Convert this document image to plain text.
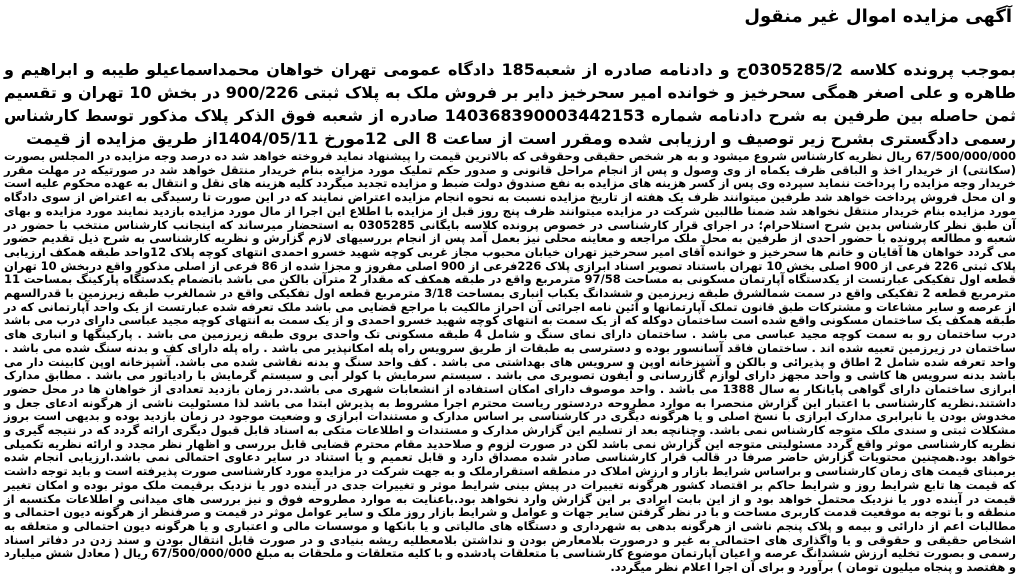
آگهی مزایده اموال غیر منقول

بموجب پرونده کلاسه 0305285/2ج و دادنامه صادره از شعبه185 دادگاه عمومی تهران خواهان محمداسماعیلو طیبه و ابراهیم و طاهره و علی اصغر همگی سحرخیز و خوانده امیر سحرخیز دایر بر فروش ملک به پلاک ثبتی 900/226 در بخش 10 تهران و تقسیم ثمن حاصله بین طرفین به شرح دادنامه شماره 140368390003442153 صادره از شعبه فوق الذکر پلاک مذکور توسط کارشناس رسمی دادگستری بشرح زیر توصیف و ارزیابی شده ومقرر است از ساعت 8 الی 12مورخ 1404/05/11از طریق مزایده از قیمت

67/500/000/000 ریال نظریه کارشناس شروع میشود و به هر شخص حقیقی وحقوقی که بالاترین قیمت را پیشنهاد نماید فروخته خواهد شد ده درصد وجه مزایده در المجلس بصورت (سکانتی) از خریدار اخذ و الباقی ظرف یکماه از وی وصول و پس از انجام مراحل قانونی و صدور حکم تملیک مورد مزایده بنام خریدار منتقل خواهد شد در صورتیکه در مهلت مقرر خریدار وجه مزایده را پرداخت ننماید سپرده وی پس از کسر هزینه های مزایده به نفع صندوق دولت ضبط و مزایده تجدید میگردد کلیه هزینه های نقل و انتقال به عهده محکوم علیه است و ان محل فروش پرداخت خواهد شد طرفین میتوانند ظرف یک هفته از تاریخ مزایده نسبت به نحوه انجام مزایده اعتراض نمایند که در این صورت تا رسیدگی به اعتراض از سوی دادگاه مورد مزایده بنام خریدار منتقل نخواهد شد ضمنا طالبین شرکت در مزایده میتوانند ظرف پنج روز قبل از مزایده با اطلاع این اجرا از مال مورد مزایده بازدید نمایند مورد مزایده و بهای آن طبق نظر کارشناس بدین شرح استلاحرام؛ در اجرای قرار کارشناسی در خصوص پرونده کلاسه بایگانی 0305285 به استحضار میرساند که اینجانب کارشناس منتخب با حضور در شعبه و مطالعه پرونده با حضور احدی از طرفین به محل ملک مراجعه و معاینه محلی نیز بعمل آمد پس از انجام بررسیهای لازم گزارش و نظریه کارشناسی به شرح ذیل تقدیم حضور می گردد خواهان ها آقایان و خانم ها سحرخیز و خوانده آقای امیر سحرخیز تهران خیابان محبوب مجاز غربی کوچه شهید خسرو احمدی انتهای کوچه پلاک 12واحد طبقه همکف ارزیابی پلاک ثبتی 226 فرعی از 900 اصلی بخش 10 تهران باستناد تصویر اسناد ابرازی پلاک 226فرعی از 900 اصلی مفروز و مجزا شده از 86 فرعی از اصلی مذکور واقع دربخش 10 تهران قطعه اول تفکیکی عبارتست از یکدستگاه آپارتمان مسکونی به مساحت 97/58 مترمربع واقع در طبقه همکف که مقدار 2 مترآن بالکن می باشد باتضمام یکدستگاه پارکینگ بمساحت 11 مترمربع قطعه 2 تفکیکی واقع در سمت شمالشرق طبقه زیرزمین و ششدانگ یکباب انباری بمساحت 3/18 مترمربع قطعه اول تفکیکی واقع در شمالغرب طبقه زیرزمین با قدرالسهم از عرصه و سایر مشاعات و مشترکات طبق قانون تملک آپارتمانها و آئین نامه اجرائی آن احراز مالکیت با مراجع قضایی می باشد ملک تعرفه شده عبارتست از یک واحد آپارتمانی که در طبقه همکف یک ساختمان مسکونی واقع شده است ساختمان دوکله که از یک سمت به انتهای کوچه شهید خسرو احمدی و از یک سمت به انتهای کوچه مجید عباسی دارای درب می باشد درب ساختمان رو به سمت کوچه مجید عباسی می باشد . ساختمان دارای نمای سنگ و شامل 4 طبقه مسکونی تک واحدی بروی طبقه زیرزمین می باشد . پارکینگها و انباری های ساختمان در زیرزمین تعبیه شده اند . ساختمان فاقد آسانسور بوده و دسترسی به طبقات از طریق سرویس راه پله امکانپذیر می باشد . راه پله دارای کف و بدنه سنگ شده می باشد . واحد تعرفه شده شامل 2 اطاق و پذیرائی و بالکن و آشپزخانه اوپن و سرویس های بهداشتی می باشد . کف واحد سنگ و بدنه نقاشی شده می باشد. آشپزخانه اوپن کابینت دار می باشد بدنه سرویس ها کاشی و واحد مجهز دارای لوازم گازرسانی و آیفون تصویری می باشد . سیستم سرمایش با کولر آبی و سیستم گرمایش با رادیاتور می باشد . مطابق مدارک ابرازی ساختمان دارای گواهی پایانکار به سال 1388 می باشد . واحد موصوف دارای امکان استفاده از انشعابات شهری می باشد.در زمان بازدید تعدادی از خواهان ها در محل حضور داشتند.نظریه کارشناسی با اعتبار این گزارش منحصرا به موارد مطروحه دردستور ریاست محترم اجرا مشروط به پذیرش ابتدا می باشد لذا مسئولیت ناشی از هرگونه ادعای جعل و مخدوش بودن یا نابرابری مدارک ابرازی با نسخ اصلی و یا هرگونه دیگری در کارشناسی بر اساس مدارک و مستندات ابرازی و وضعیت موجود در زمان بازدید بوده و بدیهی است بروز مشکلات ثبتی و سندی ملک متوجه کارشناس نمی باشد. وچنانچه بعد از تسلیم این گزارش مدارک و مستندات و اطلاعات متکی به اسناد قابل قبول دیگری ارائه گردد که در نتیجه گیری و نظریه کارشناسی موثر واقع گردد مسئولیتی متوجه این گزارش نمی باشد لکن در صورت لزوم و صلاحدید مقام محترم قضایی قابل بررسی و اظهار نظر مجدد و ارائه نظریه تکمیلی خواهد بود.همچنین محتویات گزارش حاضر صرفا در قالب قرار کارشناسی صادر شده مصداق دارد و قابل تعمیم و یا استناد در سایر دعاوی احتمالی نمی باشد.ارزیابی انجام شده برمبنای قیمت های زمان کارشناسی و براساس شرایط بازار و ارزش املاک در منطقه استقرارملک و به جهت شرکت در مزایده مورد کارشناسی صورت پذیرفته است و باید توجه داشت که قیمت ها تابع شرایط روز و شرایط حاکم بر اقتصاد کشور هرگونه تغییرات در پیش بینی شرایط موثر و تغییرات جدی در آینده دور یا نزدیک برقیمت ملک موثر بوده و امکان تغییر قیمت در آینده دور یا نزدیک محتمل خواهد بود و از این بابت ابرادی بر این گزارش وارد نخواهد بود.باعنایت به موارد مطروحه فوق و نیز بررسی های میدانی و اطلاعات مکتسبه از منطقه و با توجه به موقعیت قدمت کاربری مساحت و با در نظر گرفتن سایر جهات و عوامل و شرایط بازار روز ملک و سایر عوامل موثر در قیمت و صرفنظر از هرگونه دیون احتمالی و مطالبات اعم از دارائی و بیمه و پلاک پنجم ناشی از هرگونه بدهی به شهرداری و دستگاه های مالیاتی و یا بانکها و موسسات مالی و اعتباری و یا هرگونه دیون احتمالی و متعلقه به اشخاص حقیقی و حقوقی و یا واگذاری های احتمالی به غیر و درصورت بلامعارض بودن و نداشتن بلامعطلیه ریشه بنیادی و در صورت قابل انتقال بودن و سند زدن در دفاتر اسناد رسمی و بصورت تخلیه ارزش ششدانگ عرصه و اعیان آپارتمان موضوع کارشناسی با متعلقات پادشده و با کلیه متعلقات و ملحقات به مبلغ 67/500/000/000 ریال ( معادل شش میلیارد و هفتصد و پنجاه میلیون تومان ) برآورد و برای آن اجرا اعلام نظر میگردد.
